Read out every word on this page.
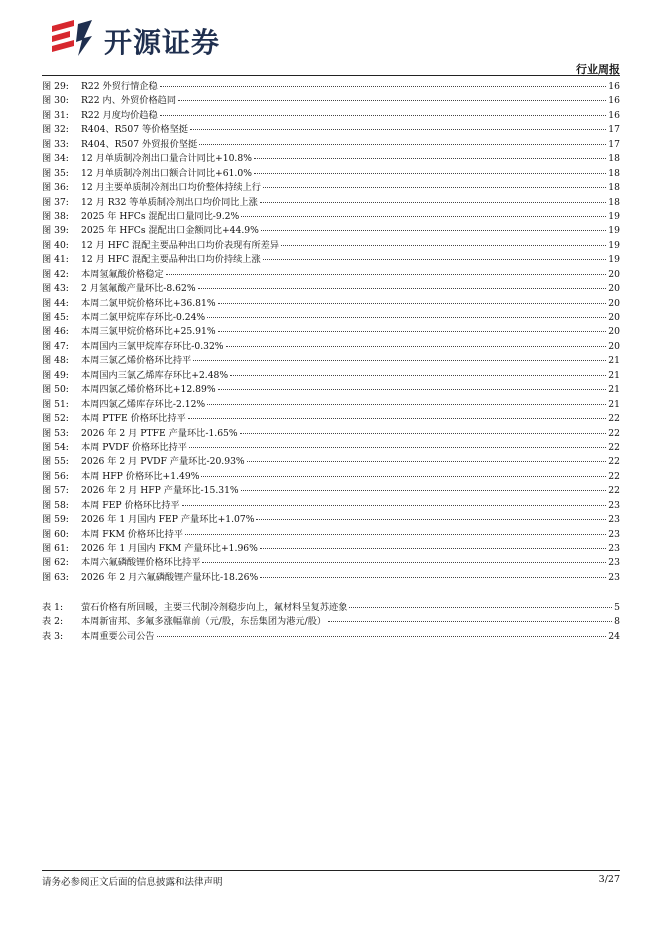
开源证券
行业周报
图 29:	R22 外贸行情企稳	16
图 30:	R22 内、外贸价格趋同	16
图 31:	R22 月度均价趋稳	16
图 32:	R404、R507 等价格坚挺	17
图 33:	R404、R507 外贸报价坚挺	17
图 34:	12 月单质制冷剂出口量合计同比+10.8%	18
图 35:	12 月单质制冷剂出口额合计同比+61.0%	18
图 36:	12 月主要单质制冷剂出口均价整体持续上行	18
图 37:	12 月 R32 等单质制冷剂出口均价同比上涨	18
图 38:	2025 年 HFCs 混配出口量同比-9.2%	19
图 39:	2025 年 HFCs 混配出口金额同比+44.9%	19
图 40:	12 月 HFC 混配主要品种出口均价表现有所差异	19
图 41:	12 月 HFC 混配主要品种出口均价持续上涨	19
图 42:	本周氢氟酸价格稳定	20
图 43:	2 月氢氟酸产量环比-8.62%	20
图 44:	本周二氯甲烷价格环比+36.81%	20
图 45:	本周二氯甲烷库存环比-0.24%	20
图 46:	本周三氯甲烷价格环比+25.91%	20
图 47:	本周国内三氯甲烷库存环比-0.32%	20
图 48:	本周三氯乙烯价格环比持平	21
图 49:	本周国内三氯乙烯库存环比+2.48%	21
图 50:	本周四氯乙烯价格环比+12.89%	21
图 51:	本周四氯乙烯库存环比-2.12%	21
图 52:	本周 PTFE 价格环比持平	22
图 53:	2026 年 2 月 PTFE 产量环比-1.65%	22
图 54:	本周 PVDF 价格环比持平	22
图 55:	2026 年 2 月 PVDF 产量环比-20.93%	22
图 56:	本周 HFP 价格环比+1.49%	22
图 57:	2026 年 2 月 HFP 产量环比-15.31%	22
图 58:	本周 FEP 价格环比持平	23
图 59:	2026 年 1 月国内 FEP 产量环比+1.07%	23
图 60:	本周 FKM 价格环比持平	23
图 61:	2026 年 1 月国内 FKM 产量环比+1.96%	23
图 62:	本周六氟磷酸锂价格环比持平	23
图 63:	2026 年 2 月六氟磷酸锂产量环比-18.26%	23
表 1:	萤石价格有所回暖，主要三代制冷剂稳步向上，氟材料呈复苏迹象	5
表 2:	本周新宙邦、多氟多涨幅靠前（元/股，东岳集团为港元/股）	8
表 3:	本周重要公司公告	24
请务必参阅正文后面的信息披露和法律声明	3/27
